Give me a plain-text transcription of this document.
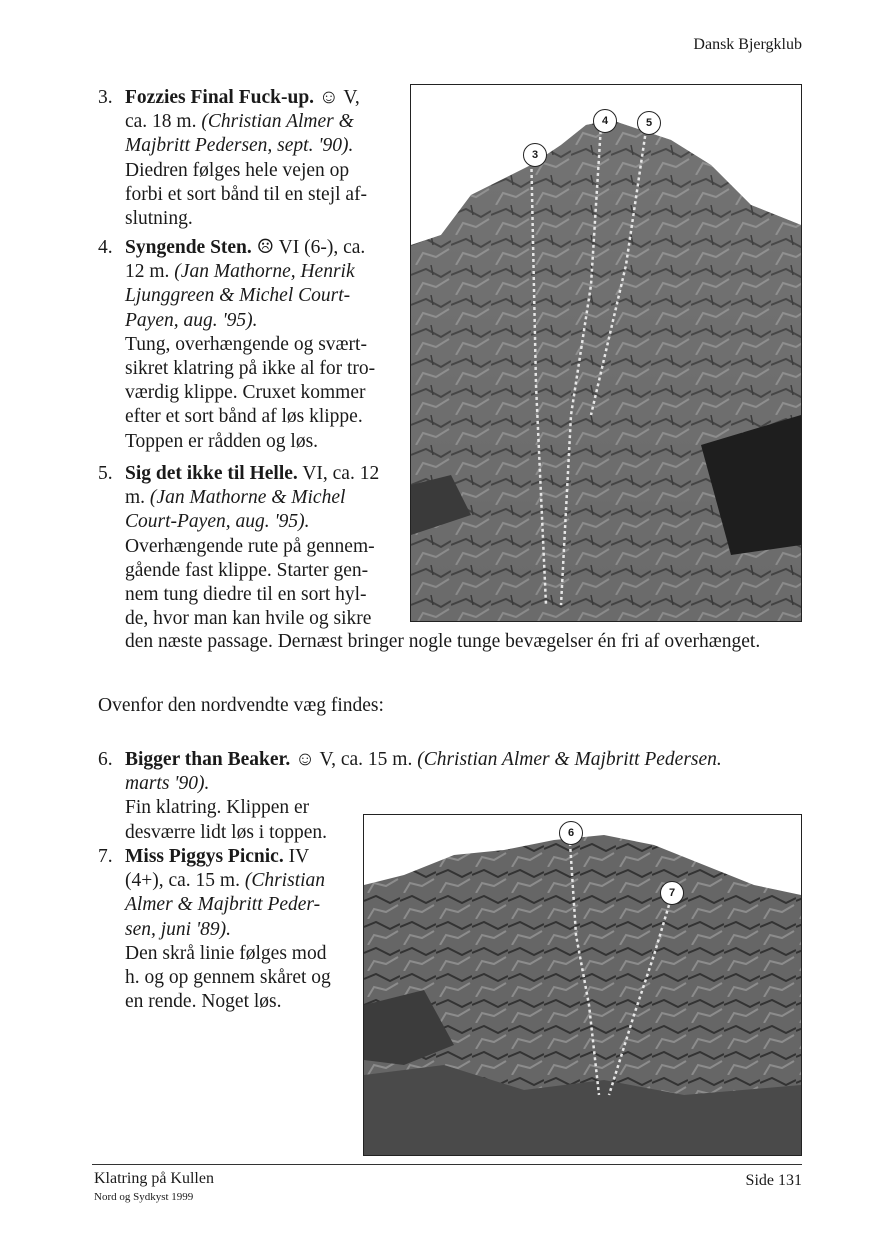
Dansk Bjergklub
3. Fozzies Final Fuck-up. ☺ V,
ca. 18 m. (Christian Almer &
Majbritt Pedersen, sept. '90).
Diedren følges hele vejen op
forbi et sort bånd til en stejl af-
slutning.
4. Syngende Sten. ☹ VI (6-), ca.
12 m. (Jan Mathorne, Henrik
Ljunggreen & Michel Court-
Payen, aug. '95).
Tung, overhængende og svært-
sikret klatring på ikke al for tro-
værdig klippe. Cruxet kommer
efter et sort bånd af løs klippe.
Toppen er rådden og løs.
5. Sig det ikke til Helle. VI, ca. 12
m. (Jan Mathorne & Michel
Court-Payen, aug. '95).
Overhængende rute på gennem-
gående fast klippe. Starter gen-
nem tung diedre til en sort hyl-
de, hvor man kan hvile og sikre
den næste passage. Dernæst bringer nogle tunge bevægelser én fri af overhænget.
Ovenfor den nordvendte væg findes:
6. Bigger than Beaker. ☺ V, ca. 15 m. (Christian Almer & Majbritt Pedersen.
marts '90).
Fin klatring. Klippen er
desværre lidt løs i toppen.
7. Miss Piggys Picnic. IV
(4+), ca. 15 m. (Christian
Almer & Majbritt Peder-
sen, juni '89).
Den skrå linie følges mod
h. og op gennem skåret og
en rende. Noget løs.
3
4	5
6
7
Klatring på Kullen
Nord og Sydkyst 1999
Side 131
